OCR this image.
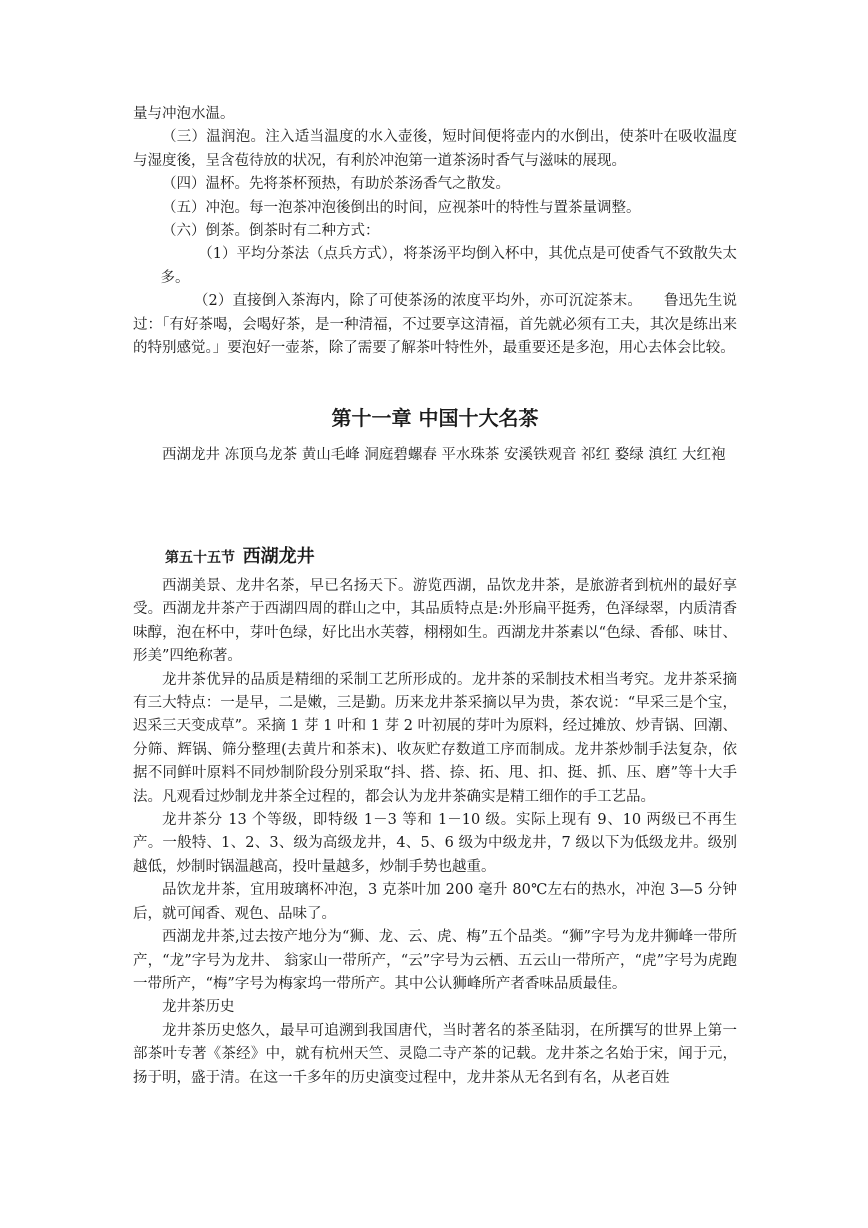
量与冲泡水温。

（三）温润泡。注入适当温度的水入壶後，短时间便将壶内的水倒出，使茶叶在吸收温度与湿度後，呈含苞待放的状况，有利於冲泡第一道茶汤时香气与滋味的展现。

（四）温杯。先将茶杯预热，有助於茶汤香气之散发。

（五）冲泡。每一泡茶冲泡後倒出的时间，应视茶叶的特性与置茶量调整。

（六）倒茶。倒茶时有二种方式：

（1）平均分茶法（点兵方式），将茶汤平均倒入杯中，其优点是可使香气不致散失太多。

（2）直接倒入茶海内，除了可使茶汤的浓度平均外，亦可沉淀茶末。　　鲁迅先生说过：「有好茶喝，会喝好茶，是一种清福，不过要享这清福，首先就必须有工夫，其次是练出来的特别感觉。」要泡好一壶茶，除了需要了解茶叶特性外，最重要还是多泡，用心去体会比较。

第十一章 中国十大名茶

西湖龙井 冻顶乌龙茶 黄山毛峰 洞庭碧螺春 平水珠茶 安溪铁观音 祁红 婺绿 滇红 大红袍

第五十五节 西湖龙井

西湖美景、龙井名茶，早已名扬天下。游览西湖，品饮龙井茶，是旅游者到杭州的最好享受。西湖龙井茶产于西湖四周的群山之中，其品质特点是:外形扁平挺秀，色泽绿翠，内质清香味醇，泡在杯中，芽叶色绿，好比出水芙蓉，栩栩如生。西湖龙井茶素以“色绿、香郁、味甘、形美”四绝称著。

龙井茶优异的品质是精细的采制工艺所形成的。龙井茶的采制技术相当考究。龙井茶采摘有三大特点：一是早，二是嫩，三是勤。历来龙井茶采摘以早为贵，茶农说：“早采三是个宝，迟采三天变成草”。采摘 1 芽 1 叶和 1 芽 2 叶初展的芽叶为原料，经过摊放、炒青锅、回潮、分筛、辉锅、筛分整理(去黄片和茶末)、收灰贮存数道工序而制成。龙井茶炒制手法复杂，依据不同鲜叶原料不同炒制阶段分别采取“抖、搭、捺、拓、甩、扣、挺、抓、压、磨”等十大手法。凡观看过炒制龙井茶全过程的，都会认为龙井茶确实是精工细作的手工艺品。

龙井茶分 13 个等级，即特级 1－3 等和 1－10 级。实际上现有 9、10 两级已不再生产。一般特、1、2、3、级为高级龙井，4、5、6 级为中级龙井，7 级以下为低级龙井。级别越低，炒制时锅温越高，投叶量越多，炒制手势也越重。

品饮龙井茶，宜用玻璃杯冲泡，3 克茶叶加 200 毫升 80℃左右的热水，冲泡 3—5 分钟后，就可闻香、观色、品味了。

西湖龙井茶,过去按产地分为“狮、龙、云、虎、梅”五个品类。“狮”字号为龙井狮峰一带所产，“龙”字号为龙井、 翁家山一带所产，“云”字号为云栖、五云山一带所产，“虎”字号为虎跑一带所产，“梅”字号为梅家坞一带所产。其中公认狮峰所产者香味品质最佳。

龙井茶历史

龙井茶历史悠久，最早可追溯到我国唐代，当时著名的茶圣陆羽，在所撰写的世界上第一部茶叶专著《茶经》中，就有杭州天竺、灵隐二寺产茶的记载。龙井茶之名始于宋，闻于元，扬于明，盛于清。在这一千多年的历史演变过程中，龙井茶从无名到有名，从老百姓
